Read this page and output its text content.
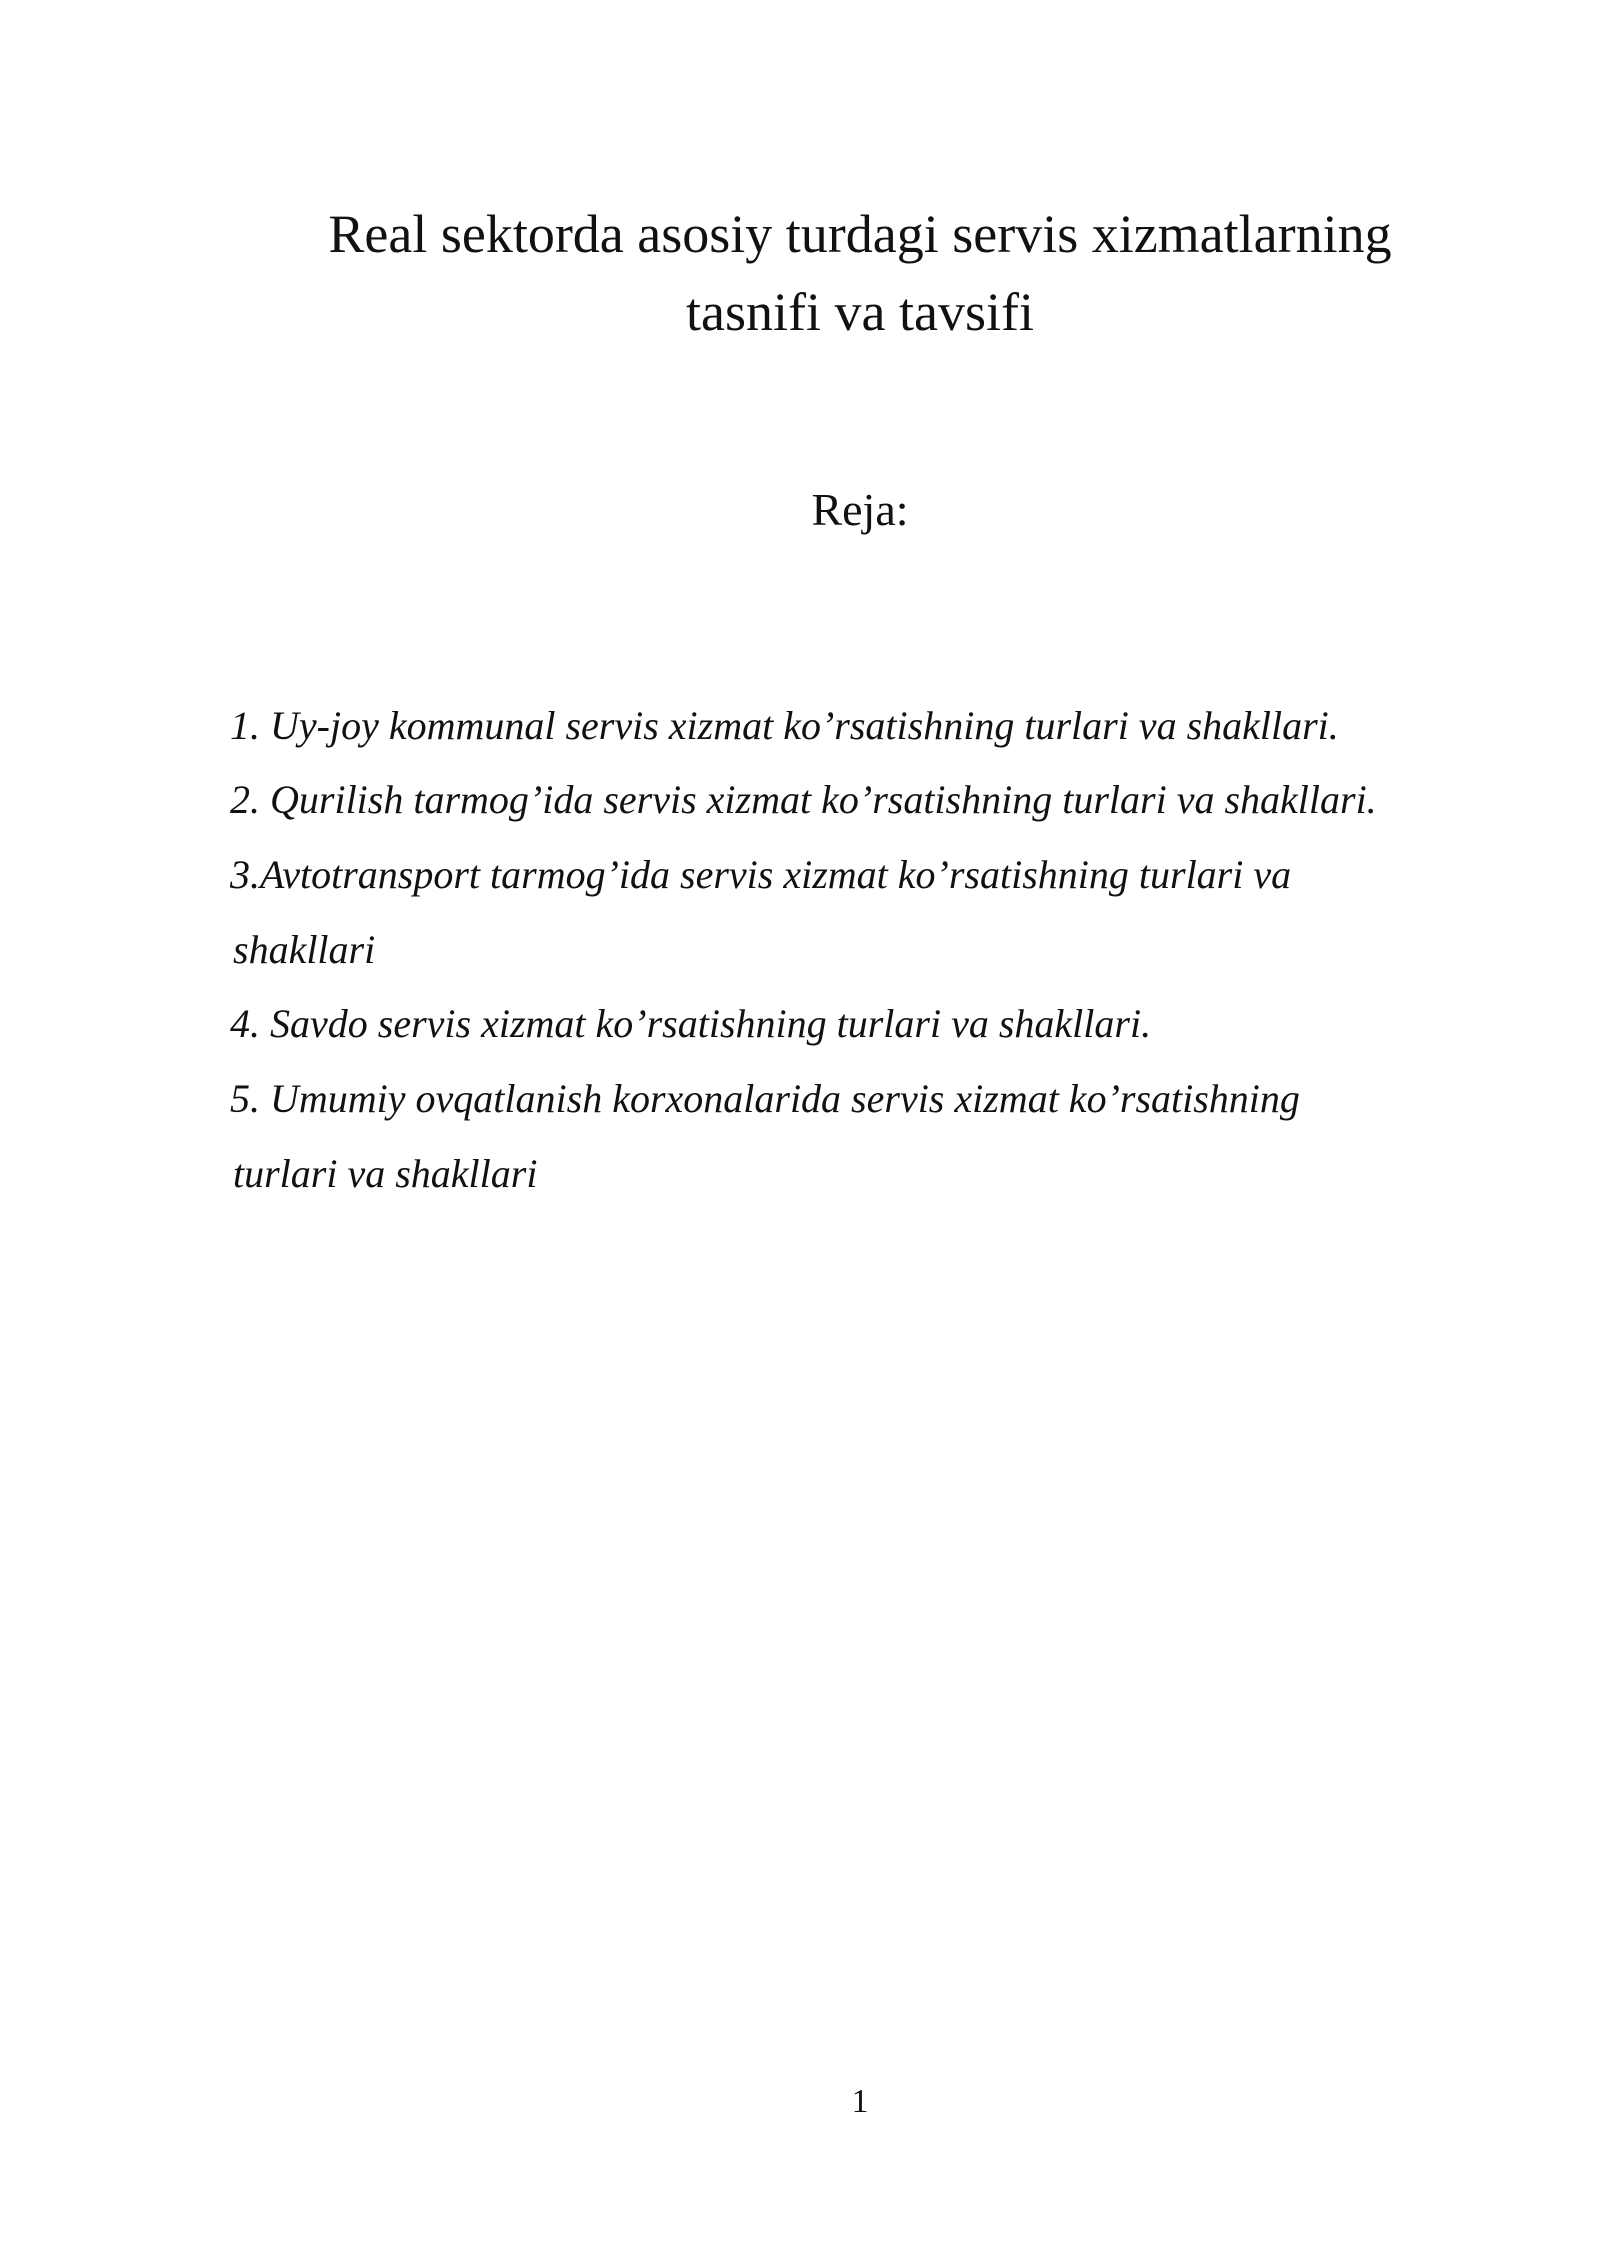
Real sektorda asosiy turdagi servis xizmatlarning
tasnifi va tavsifi
Reja:

1. Uy-joy kommunal servis xizmat ko’rsatishning turlari va shakllari.

2. Qurilish tarmog’ida servis xizmat ko’rsatishning turlari va shakllari.

3.Avtotransport tarmog’ida servis xizmat ko’rsatishning turlari va

shakllari

4. Savdo servis xizmat ko’rsatishning turlari va shakllari.

5. Umumiy ovqatlanish korxonalarida servis xizmat ko’rsatishning

turlari va shakllari

1
